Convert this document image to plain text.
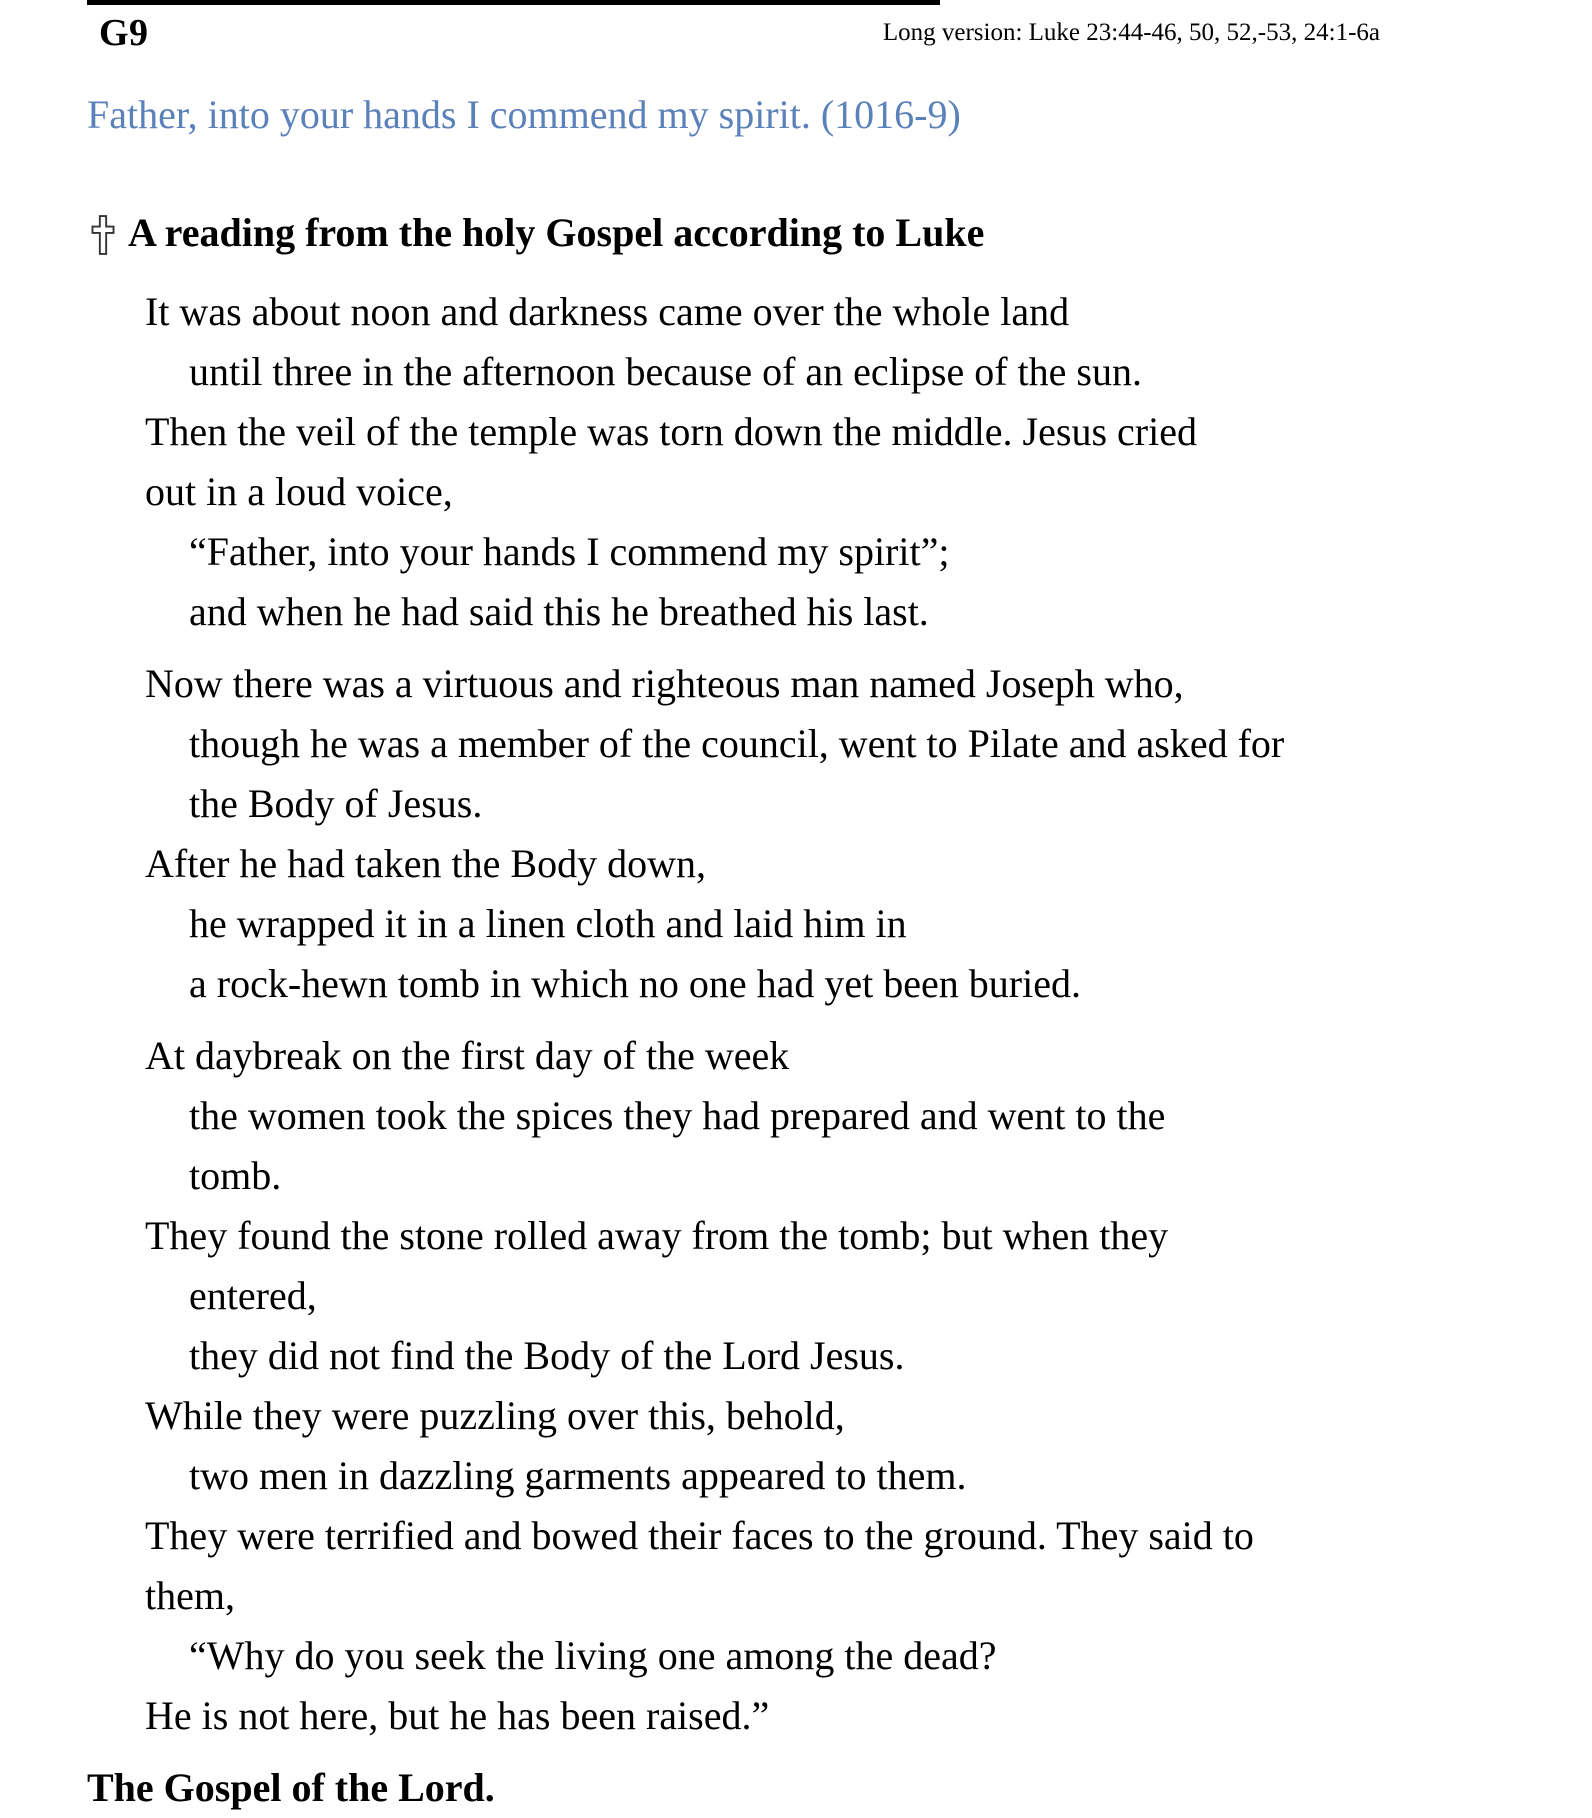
G9	Long version: Luke 23:44-46, 50, 52,-53, 24:1-6a
Father, into your hands I commend my spirit. (1016-9)
A reading from the holy Gospel according to Luke
It was about noon and darkness came over the whole land
until three in the afternoon because of an eclipse of the sun.
Then the veil of the temple was torn down the middle. Jesus cried
out in a loud voice,
“Father, into your hands I commend my spirit”;
and when he had said this he breathed his last.
Now there was a virtuous and righteous man named Joseph who,
though he was a member of the council, went to Pilate and asked for
the Body of Jesus.
After he had taken the Body down,
he wrapped it in a linen cloth and laid him in
a rock-hewn tomb in which no one had yet been buried.
At daybreak on the first day of the week
the women took the spices they had prepared and went to the
tomb.
They found the stone rolled away from the tomb; but when they
entered,
they did not find the Body of the Lord Jesus.
While they were puzzling over this, behold,
two men in dazzling garments appeared to them.
They were terrified and bowed their faces to the ground. They said to
them,
“Why do you seek the living one among the dead?
He is not here, but he has been raised.”
The Gospel of the Lord.
